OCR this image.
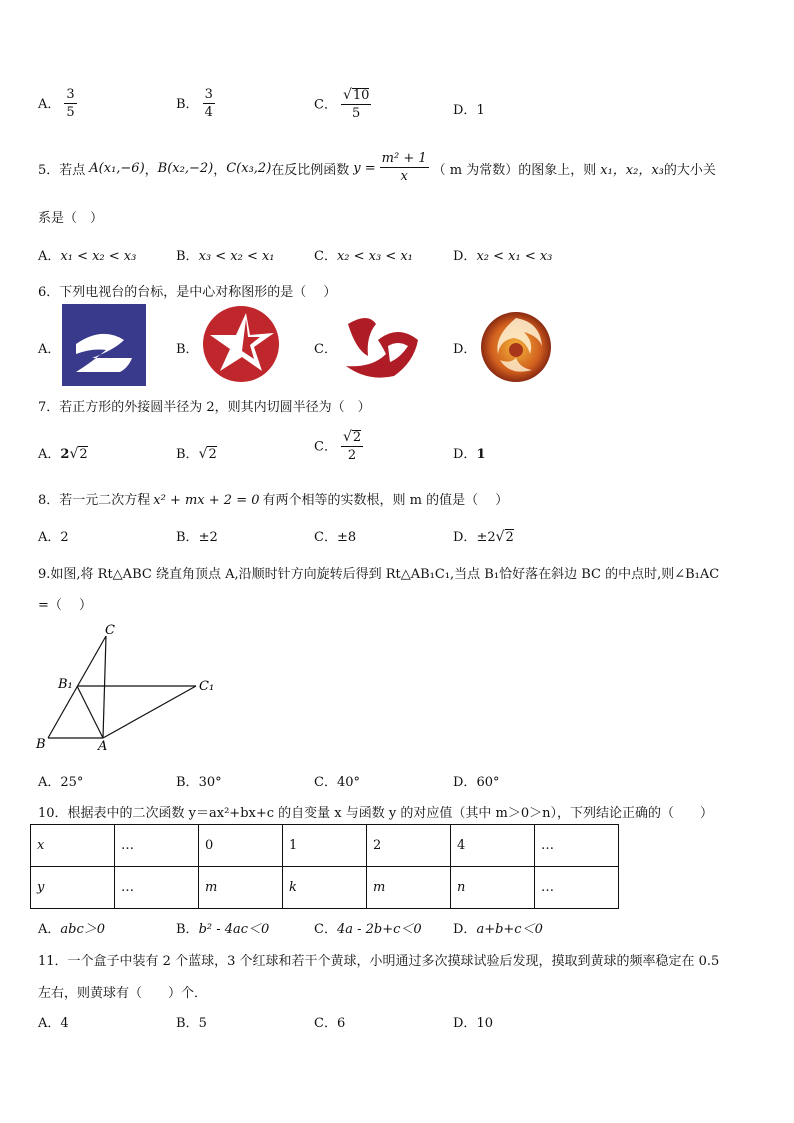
A． $\frac{3}{5}$	B． $\frac{3}{4}$	C． $\frac{√10}{5}$	D．1
5．若点 A(x₁,−6) ， B(x₂,−2) ， C(x₃,2) 在反比例函数 $y = \frac{\text{m² + 1}}{x}$ （ m 为常数）的图象上，则 x₁，x₂，x₃ 的大小关
系是（　）
A．x₁ < x₂ < x₃	B．x₃ < x₂ < x₁	C．x₂ < x₃ < x₁	D．x₂ < x₁ < x₃
6．下列电视台的台标，是中心对称图形的是（　 ）
A．	B．	C．	D．
7．若正方形的外接圆半径为 2，则其内切圆半径为（　）
A．2√2	B．√2
C． $\frac{√2}{2}$	D．1
8．若一元二次方程 x² + mx + 2 = 0 有两个相等的实数根，则 m 的值是（　 ）
A．2	B．±2	C．±8	D．±2√2
9.如图,将 Rt△ABC 绕直角顶点 A,沿顺时针方向旋转后得到 Rt△AB₁C₁,当点 B₁恰好落在斜边 BC 的中点时,则∠B₁AC
=（　 ）
C
B₁	C₁
B	A
A．25°	B．30°	C．40°	D．60°
10．根据表中的二次函数 y＝ax²+bx+c 的自变量 x 与函数 y 的对应值（其中 m＞0＞n），下列结论正确的（　　）
x	…	0	1	2	4	…
y	…	m	k	m	n	…
A．abc＞0	B．b² - 4ac＜0	C．4a - 2b+c＜0 D．a+b+c＜0
11．一个盒子中装有 2 个蓝球，3 个红球和若干个黄球，小明通过多次摸球试验后发现，摸取到黄球的频率稳定在 0.5
左右，则黄球有（　　）个．
A．4	B．5	C．6	D．10
